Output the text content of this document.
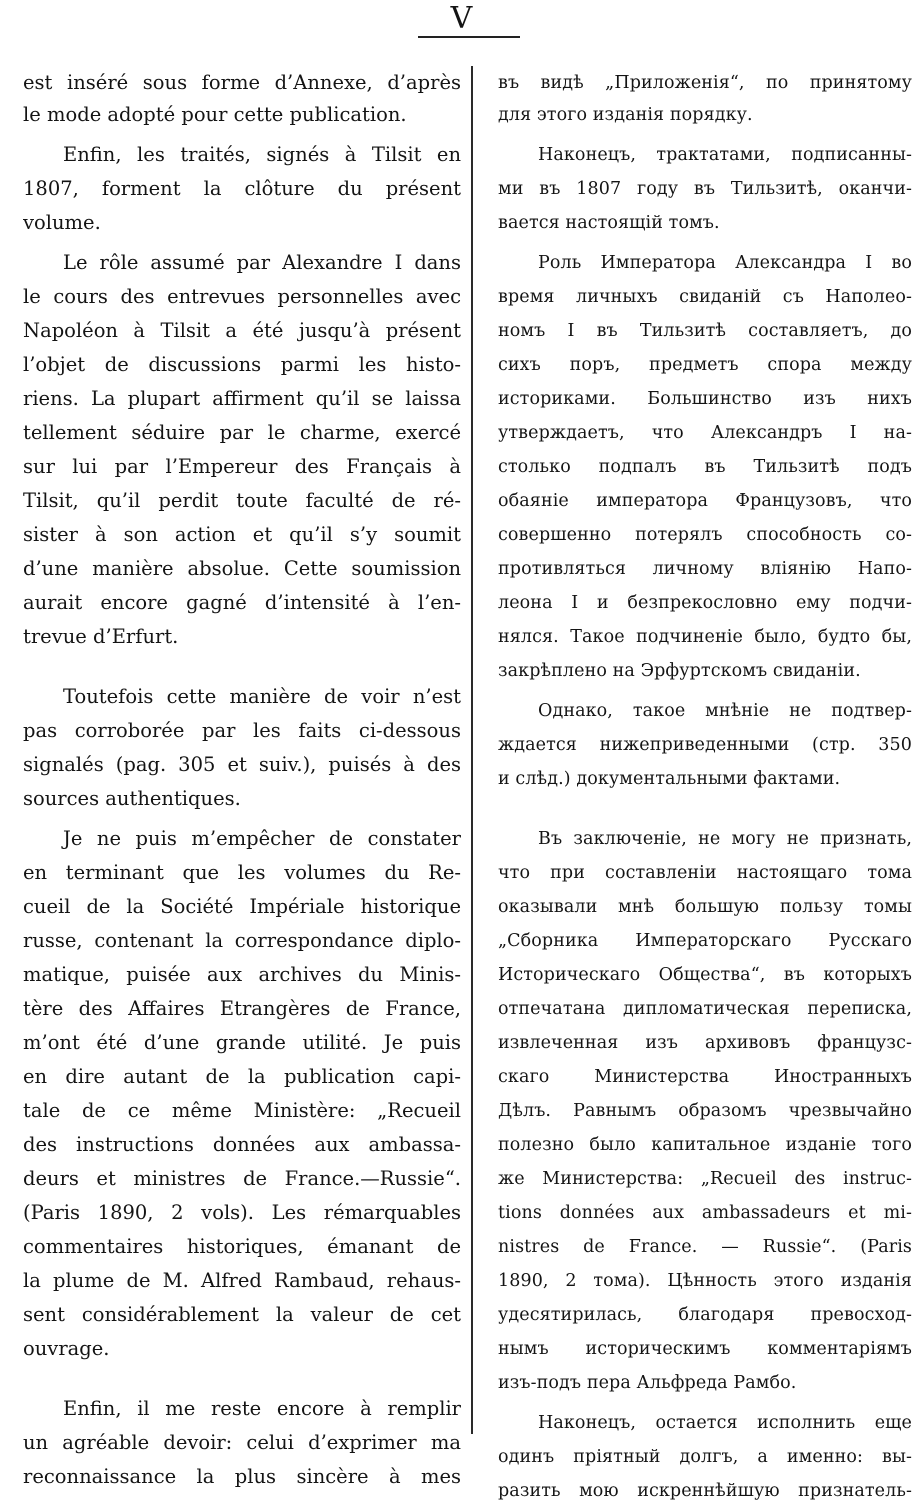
V
est inséré sous forme d’Annexe, d’après
le mode adopté pour cette publication.
Enfin, les traités, signés à Tilsit en
1807, forment la clôture du présent
volume.
Le rôle assumé par Alexandre I dans
le cours des entrevues personnelles avec
Napoléon à Tilsit a été jusqu’à présent
l’objet de discussions parmi les histo-
riens. La plupart affirment qu’il se laissa
tellement séduire par le charme, exercé
sur lui par l’Empereur des Français à
Tilsit, qu’il perdit toute faculté de ré-
sister à son action et qu’il s’y soumit
d’une manière absolue. Cette soumission
aurait encore gagné d’intensité à l’en-
trevue d’Erfurt.
Toutefois cette manière de voir n’est
pas corroborée par les faits ci-dessous
signalés (pag. 305 et suiv.), puisés à des
sources authentiques.
Je ne puis m’empêcher de constater
en terminant que les volumes du Re-
cueil de la Société Impériale historique
russe, contenant la correspondance diplo-
matique, puisée aux archives du Minis-
tère des Affaires Etrangères de France,
m’ont été d’une grande utilité. Je puis
en dire autant de la publication capi-
tale de ce même Ministère: „Recueil
des instructions données aux ambassa-
deurs et ministres de France.—Russie“.
(Paris 1890, 2 vols). Les rémarquables
commentaires historiques, émanant de
la plume de M. Alfred Rambaud, rehaus-
sent considérablement la valeur de cet
ouvrage.
Enfin, il me reste encore à remplir
un agréable devoir: celui d’exprimer ma
reconnaissance la plus sincère à mes
въ видѣ „Приложенія“, по принятому
для этого изданія порядку.
Наконецъ, трактатами, подписанны-
ми въ 1807 году въ Тильзитѣ, оканчи-
вается настоящій томъ.
Роль Императора Александра I во
время личныхъ свиданій съ Наполео-
номъ I въ Тильзитѣ составляетъ, до
сихъ поръ, предметъ спора между
историками. Большинство изъ нихъ
утверждаетъ, что Александръ I на-
столько подпалъ въ Тильзитѣ подъ
обаяніе императора Французовъ, что
совершенно потерялъ способность со-
противляться личному вліянію Напо-
леона I и безпрекословно ему подчи-
нялся. Такое подчиненіе было, будто бы,
закрѣплено на Эрфуртскомъ свиданіи.
Однако, такое мнѣніе не подтвер-
ждается нижеприведенными (стр. 350
и слѣд.) документальными фактами.
Въ заключеніе, не могу не признать,
что при составленіи настоящаго тома
оказывали мнѣ большую пользу томы
„Сборника Императорскаго Русскаго
Историческаго Общества“, въ которыхъ
отпечатана дипломатическая переписка,
извлеченная изъ архивовъ французс-
скаго Министерства Иностранныхъ
Дѣлъ. Равнымъ образомъ чрезвычайно
полезно было капитальное изданіе того
же Министерства: „Recueil des instruc-
tions données aux ambassadeurs et mi-
nistres de France. — Russie“. (Paris
1890, 2 тома). Цѣнность этого изданія
удесятирилась, благодаря превосход-
нымъ историческимъ комментаріямъ
изъ-подъ пера Альфреда Рамбо.
Наконецъ, остается исполнить еще
одинъ пріятный долгъ, а именно: вы-
разить мою искреннѣйшую признатель-
